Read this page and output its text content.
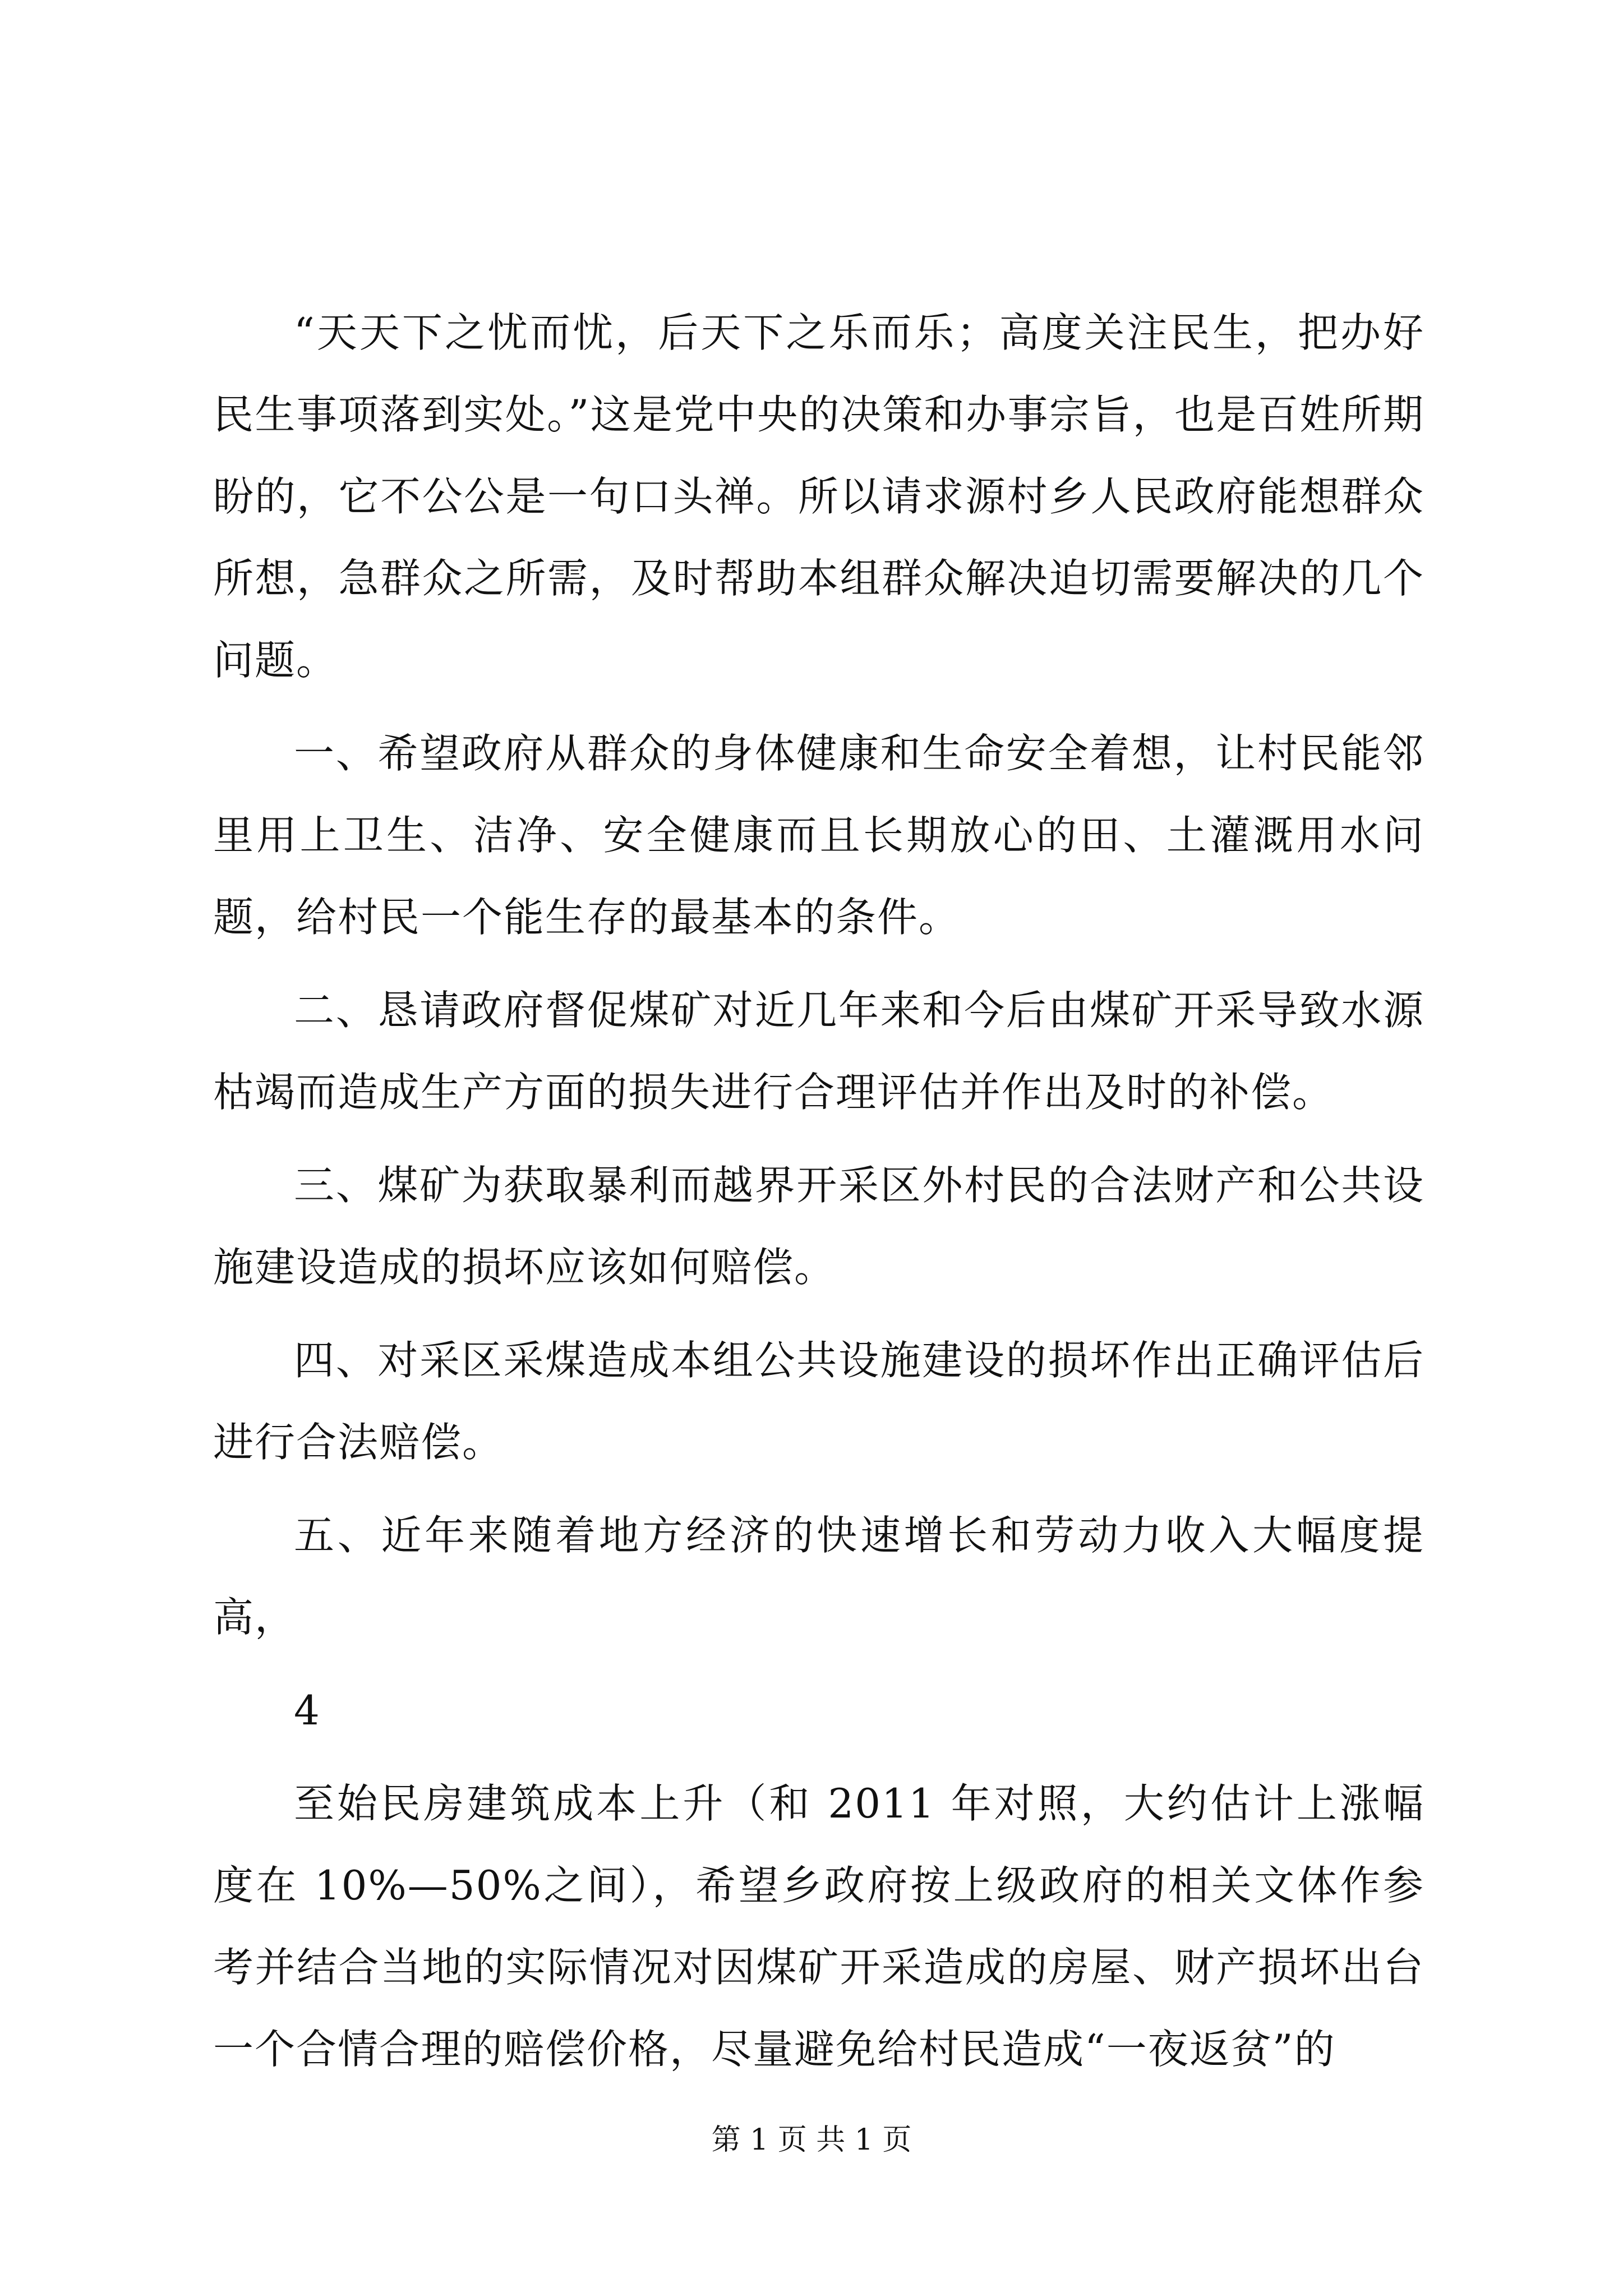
“天天下之忧而忧，后天下之乐而乐；高度关注民生，把办好民生事项落到实处。”这是党中央的决策和办事宗旨，也是百姓所期盼的，它不公公是一句口头禅。所以请求源村乡人民政府能想群众所想，急群众之所需，及时帮助本组群众解决迫切需要解决的几个问题。

一、希望政府从群众的身体健康和生命安全着想，让村民能邻里用上卫生、洁净、安全健康而且长期放心的田、土灌溉用水问题，给村民一个能生存的最基本的条件。

二、恳请政府督促煤矿对近几年来和今后由煤矿开采导致水源枯竭而造成生产方面的损失进行合理评估并作出及时的补偿。

三、煤矿为获取暴利而越界开采区外村民的合法财产和公共设施建设造成的损坏应该如何赔偿。

四、对采区采煤造成本组公共设施建设的损坏作出正确评估后进行合法赔偿。

五、近年来随着地方经济的快速增长和劳动力收入大幅度提高，

4

至始民房建筑成本上升（和 2011 年对照，大约估计上涨幅度在 10%—50%之间），希望乡政府按上级政府的相关文体作参考并结合当地的实际情况对因煤矿开采造成的房屋、财产损坏出台一个合情合理的赔偿价格，尽量避免给村民造成“一夜返贫”的

第 1 页 共 1 页
